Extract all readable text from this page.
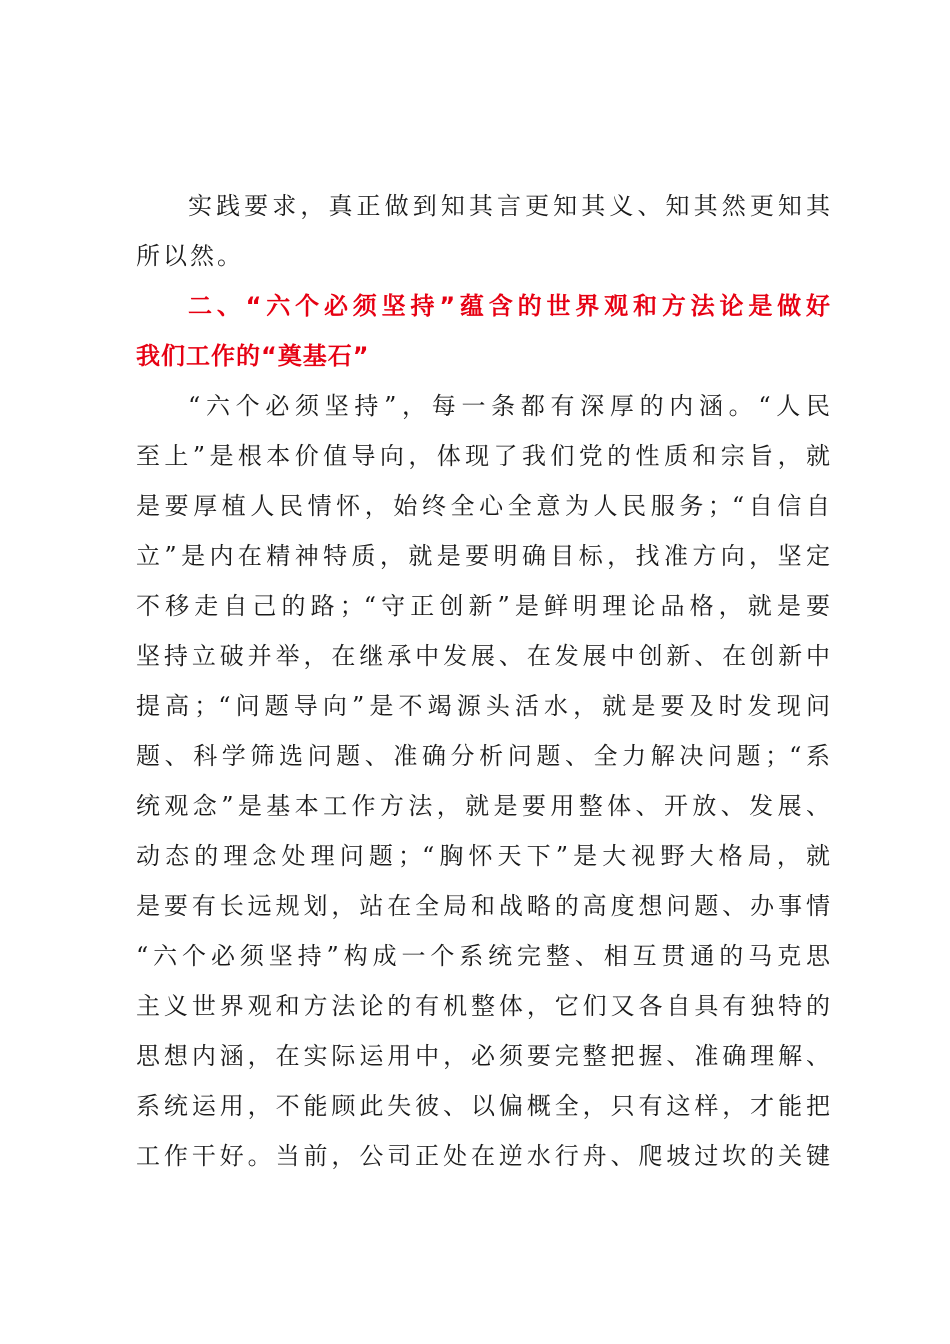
实践要求，真正做到知其言更知其义、知其然更知其
所以然。
二、“六个必须坚持”蕴含的世界观和方法论是做好
我们工作的“奠基石”
“六个必须坚持”，每一条都有深厚的内涵。“人民
至上”是根本价值导向，体现了我们党的性质和宗旨，就
是要厚植人民情怀，始终全心全意为人民服务；“自信自
立”是内在精神特质，就是要明确目标，找准方向，坚定
不移走自己的路；“守正创新”是鲜明理论品格，就是要
坚持立破并举，在继承中发展、在发展中创新、在创新中
提高；“问题导向”是不竭源头活水，就是要及时发现问
题、科学筛选问题、准确分析问题、全力解决问题；“系
统观念”是基本工作方法，就是要用整体、开放、发展、
动态的理念处理问题；“胸怀天下”是大视野大格局，就
是要有长远规划，站在全局和战略的高度想问题、办事情
“六个必须坚持”构成一个系统完整、相互贯通的马克思
主义世界观和方法论的有机整体，它们又各自具有独特的
思想内涵，在实际运用中，必须要完整把握、准确理解、
系统运用，不能顾此失彼、以偏概全，只有这样，才能把
工作干好。当前，公司正处在逆水行舟、爬坡过坎的关键
